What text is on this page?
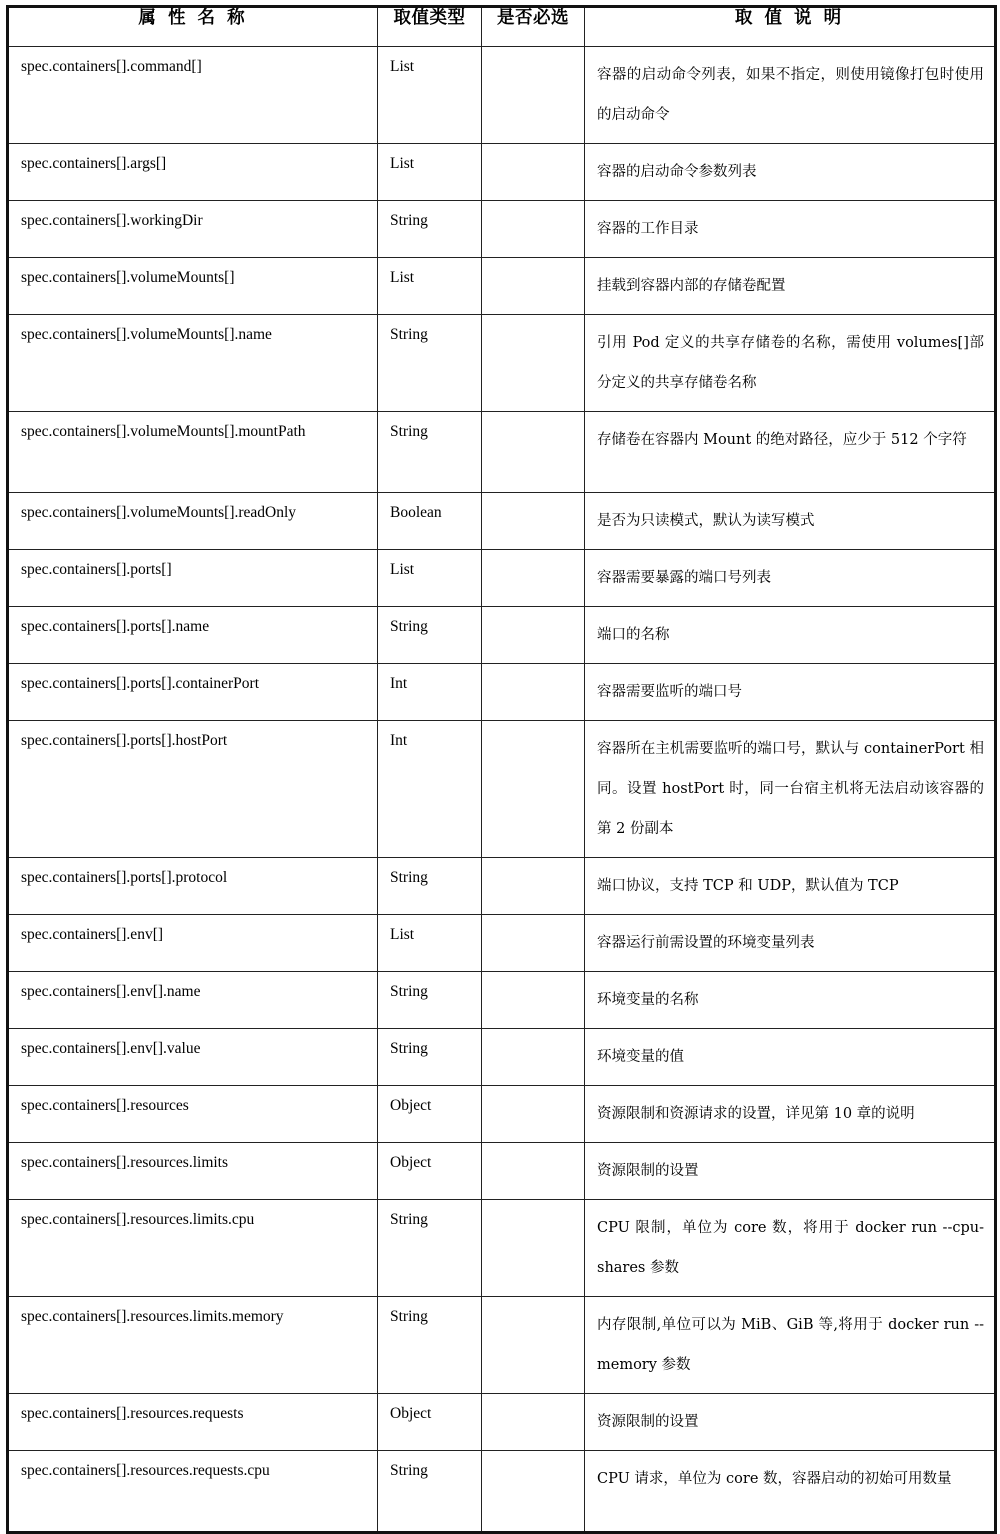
属 性 名 称	取值类型	是否必选	取 值 说 明

spec.containers[].command[]	List		容器的启动命令列表，如果不指定，则使用镜像打包时使用的启动命令

spec.containers[].args[]	List		容器的启动命令参数列表

spec.containers[].workingDir	String		容器的工作目录

spec.containers[].volumeMounts[]	List		挂载到容器内部的存储卷配置

spec.containers[].volumeMounts[].name	String		引用 Pod 定义的共享存储卷的名称，需使用 volumes[]部分定义的共享存储卷名称

spec.containers[].volumeMounts[].mountPath	String		存储卷在容器内 Mount 的绝对路径，应少于 512 个字符

spec.containers[].volumeMounts[].readOnly	Boolean		是否为只读模式，默认为读写模式

spec.containers[].ports[]	List		容器需要暴露的端口号列表

spec.containers[].ports[].name	String		端口的名称

spec.containers[].ports[].containerPort	Int		容器需要监听的端口号

spec.containers[].ports[].hostPort	Int		容器所在主机需要监听的端口号，默认与 containerPort 相同。设置 hostPort 时，同一台宿主机将无法启动该容器的第 2 份副本

spec.containers[].ports[].protocol	String		端口协议，支持 TCP 和 UDP，默认值为 TCP

spec.containers[].env[]	List		容器运行前需设置的环境变量列表

spec.containers[].env[].name	String		环境变量的名称

spec.containers[].env[].value	String		环境变量的值

spec.containers[].resources	Object		资源限制和资源请求的设置，详见第 10 章的说明

spec.containers[].resources.limits	Object		资源限制的设置

spec.containers[].resources.limits.cpu	String		CPU 限制，单位为 core 数，将用于 docker run --cpu-shares 参数

spec.containers[].resources.limits.memory	String		内存限制,单位可以为 MiB、GiB 等,将用于 docker run --memory 参数

spec.containers[].resources.requests	Object		资源限制的设置

spec.containers[].resources.requests.cpu	String		CPU 请求，单位为 core 数，容器启动的初始可用数量
